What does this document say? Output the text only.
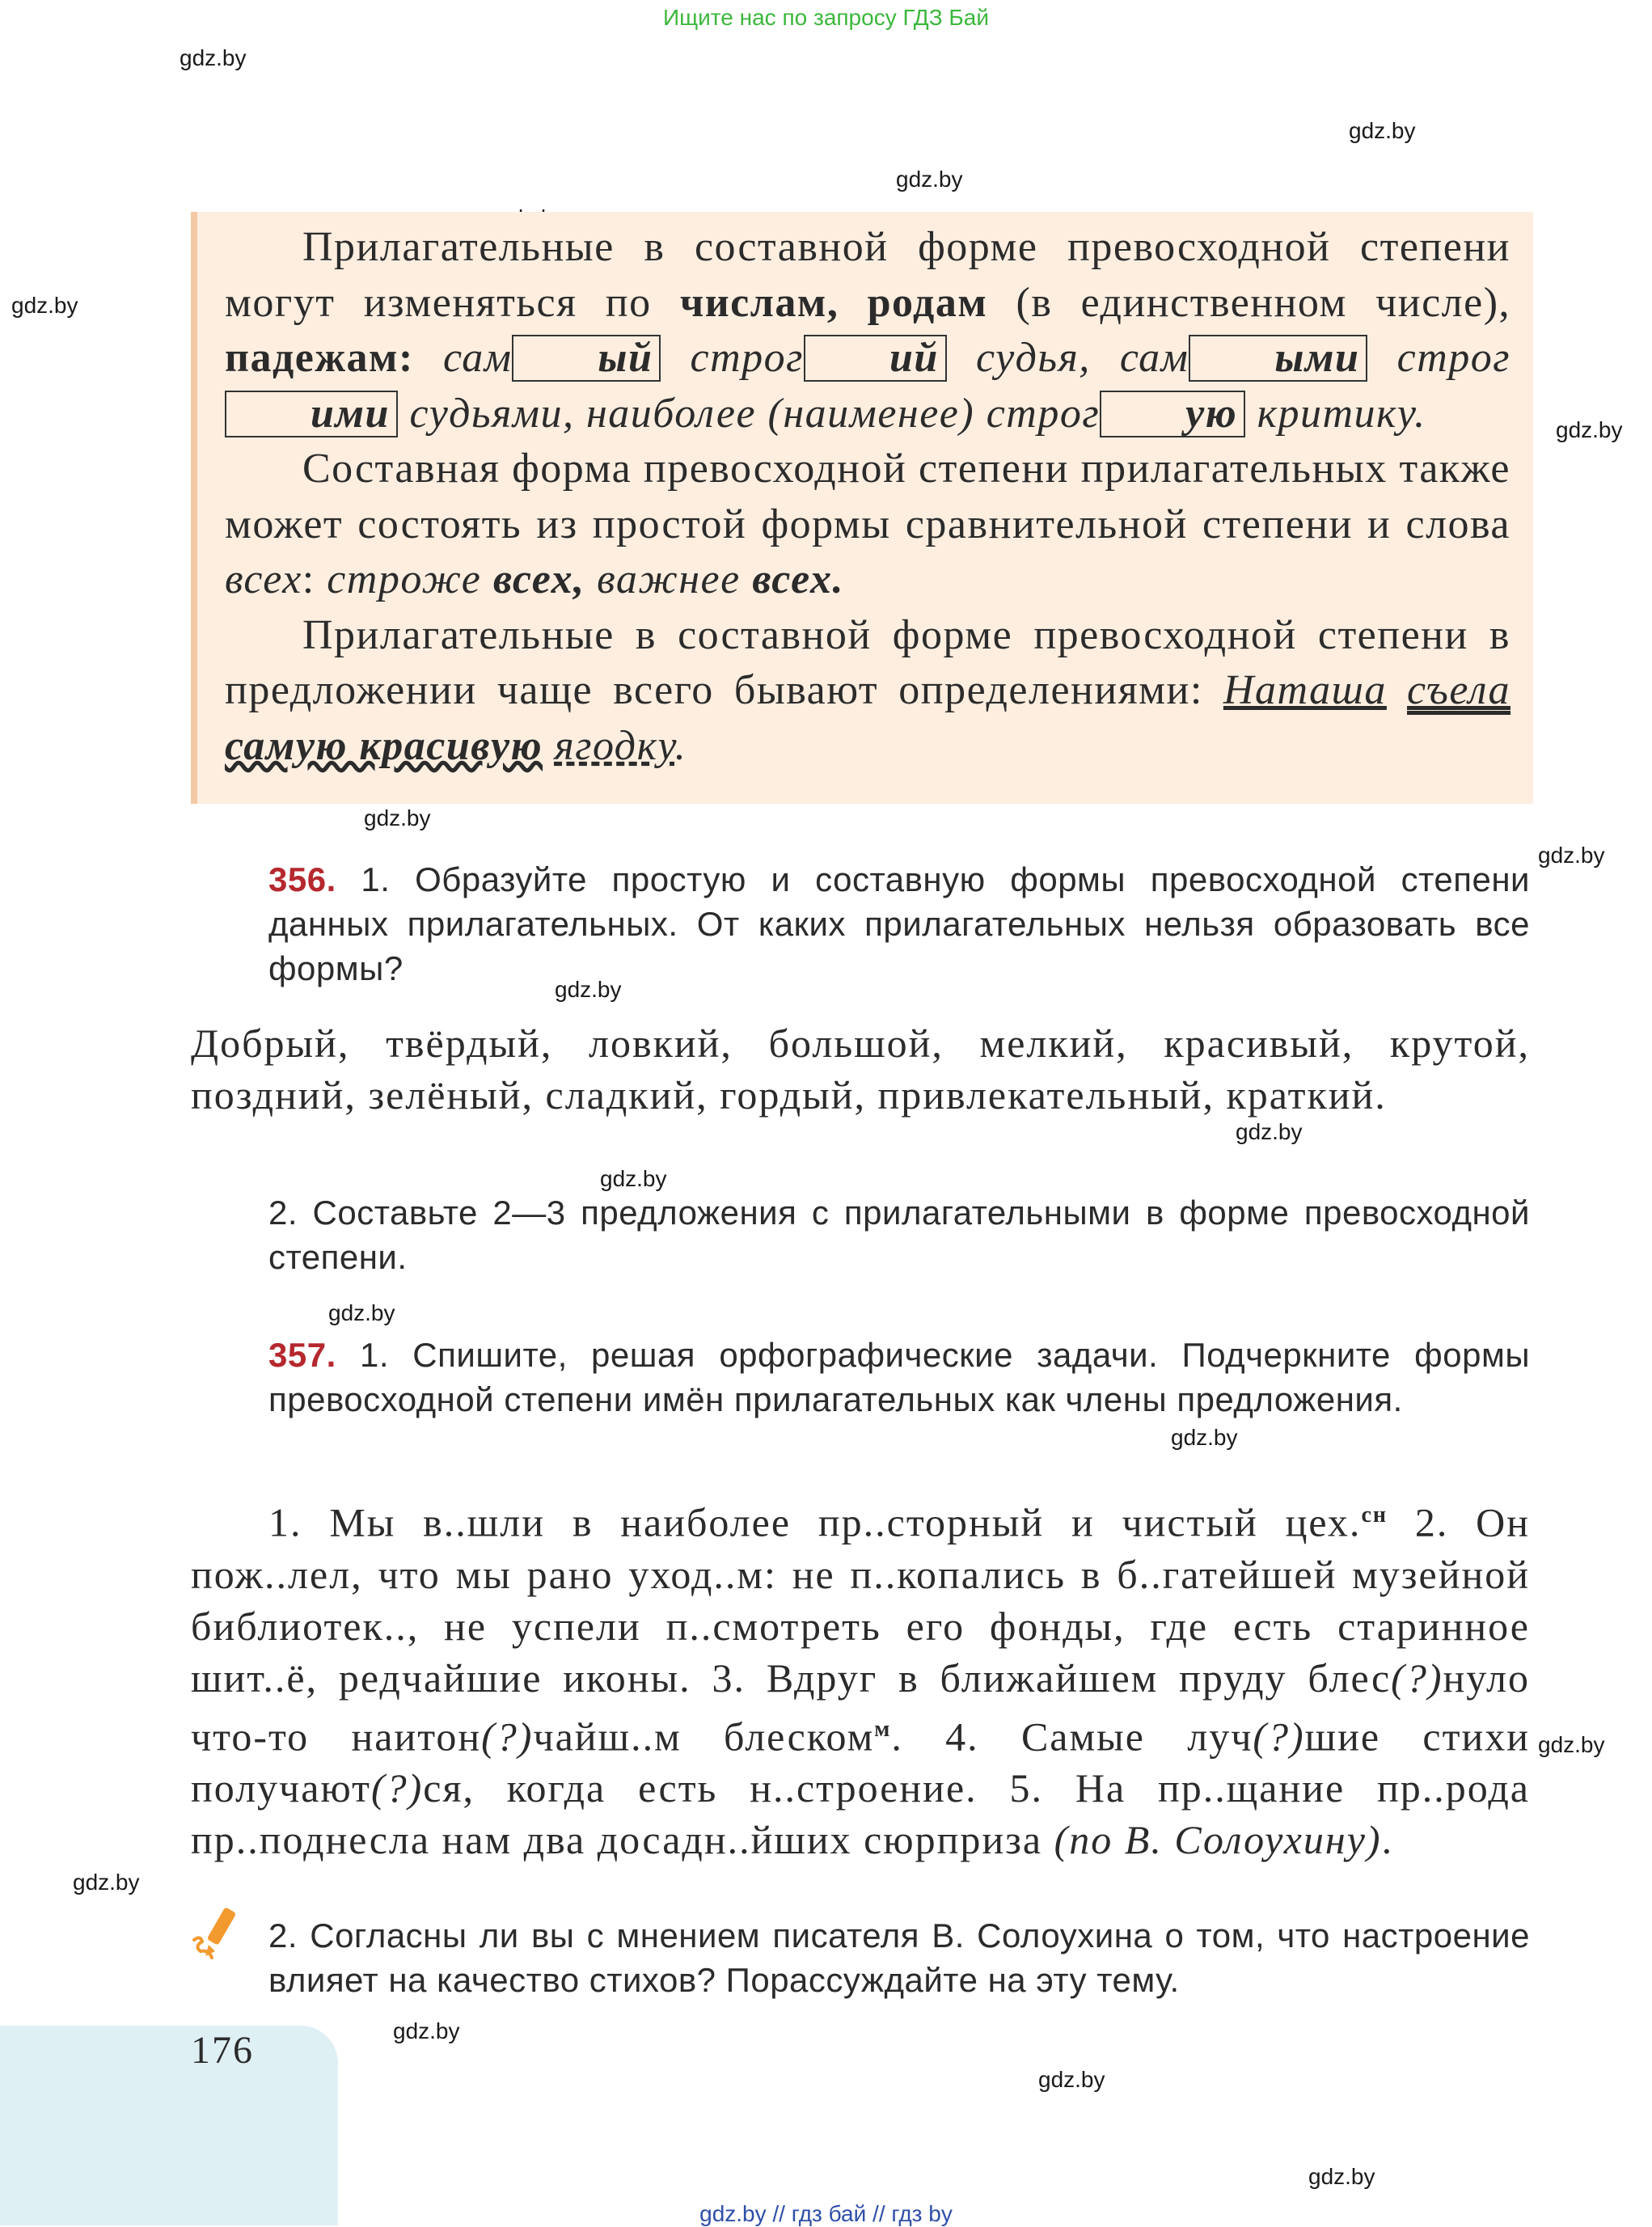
Ищите нас по запросу ГДЗ Бай
gdz.by // гдз бай // гдз by
gdz.by
gdz.by
gdz.by
gdz.by
gdz.by
gdz.by
gdz.by
gdz.by
gdz.by
gdz.by
gdz.by
gdz.by
gdz.by
gdz.by
gdz.by
gdz.by
gdz.by

Прилагательные в составной форме превосходной степени могут изменяться по числам, родам (в единственном числе), падежам: сам ый строг ий судья, сам ыми строгими судьями, наиболее (наименее) строг ую критику.

Составная форма превосходной степени прилагательных также может состоять из простой формы сравнительной степени и слова всех: строже всех, важнее всех.

Прилагательные в составной форме превосходной степени в предложении чаще всего бывают определениями: Наташа съела самую красивую ягодку.

356. 1. Образуйте простую и составную формы превосходной степени данных прилагательных. От каких прилагательных нельзя образовать все формы?

Добрый, твёрдый, ловкий, большой, мелкий, красивый, крутой, поздний, зелёный, сладкий, гордый, привлекательный, краткий.

2. Составьте 2—3 предложения с прилагательными в форме превосходной степени.

357. 1. Спишите, решая орфографические задачи. Подчеркните формы превосходной степени имён прилагательных как члены предложения.

1. Мы в..шли в наиболее пр..сторный и чистый цех.$^{сн}$ 2. Он пож..лел, что мы рано уход..м: не п..копались в б..гатейшей музейной библиотек.., не успели п..смотреть его фонды, где есть старинное шит..ё, редчайшие иконы. 3. Вдруг в ближайшем пруду блес(?)нуло что-то наитон(?)чайш..м блеском$^м$. 4. Самые луч(?)шие стихи получают(?)ся, когда есть н..строение. 5. На пр..щание пр..рода пр..поднесла нам два досадн..йших сюрприза (по В. Солоухину).

2. Согласны ли вы с мнением писателя В. Солоухина о том, что настроение влияет на качество стихов? Порассуждайте на эту тему.

176
